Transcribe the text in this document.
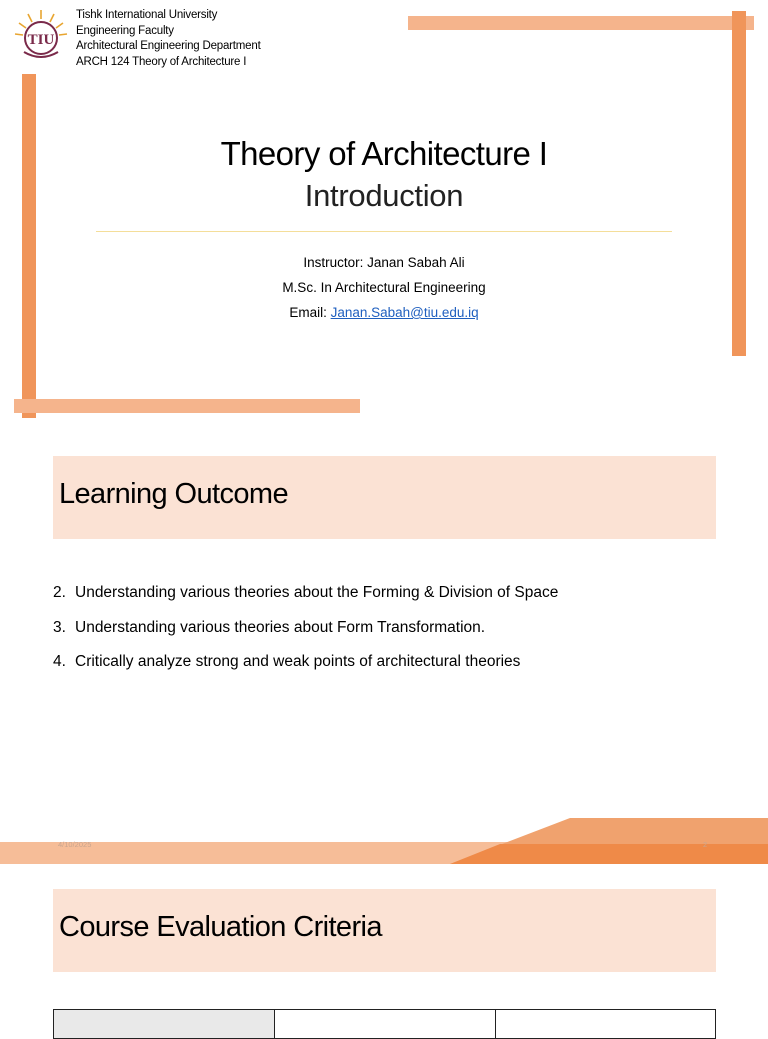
TIU
Tishk International University
Engineering Faculty
Architectural Engineering Department
ARCH 124 Theory of Architecture I
Theory of Architecture I
Introduction
Instructor: Janan Sabah Ali
M.Sc. In Architectural Engineering
Email: Janan.Sabah@tiu.edu.iq
Learning Outcome
2. Understanding various theories about the Forming & Division of Space
3. Understanding various theories about Form Transformation.
4. Critically analyze strong and weak points of architectural theories
4/10/2025	2
Course Evaluation Criteria
